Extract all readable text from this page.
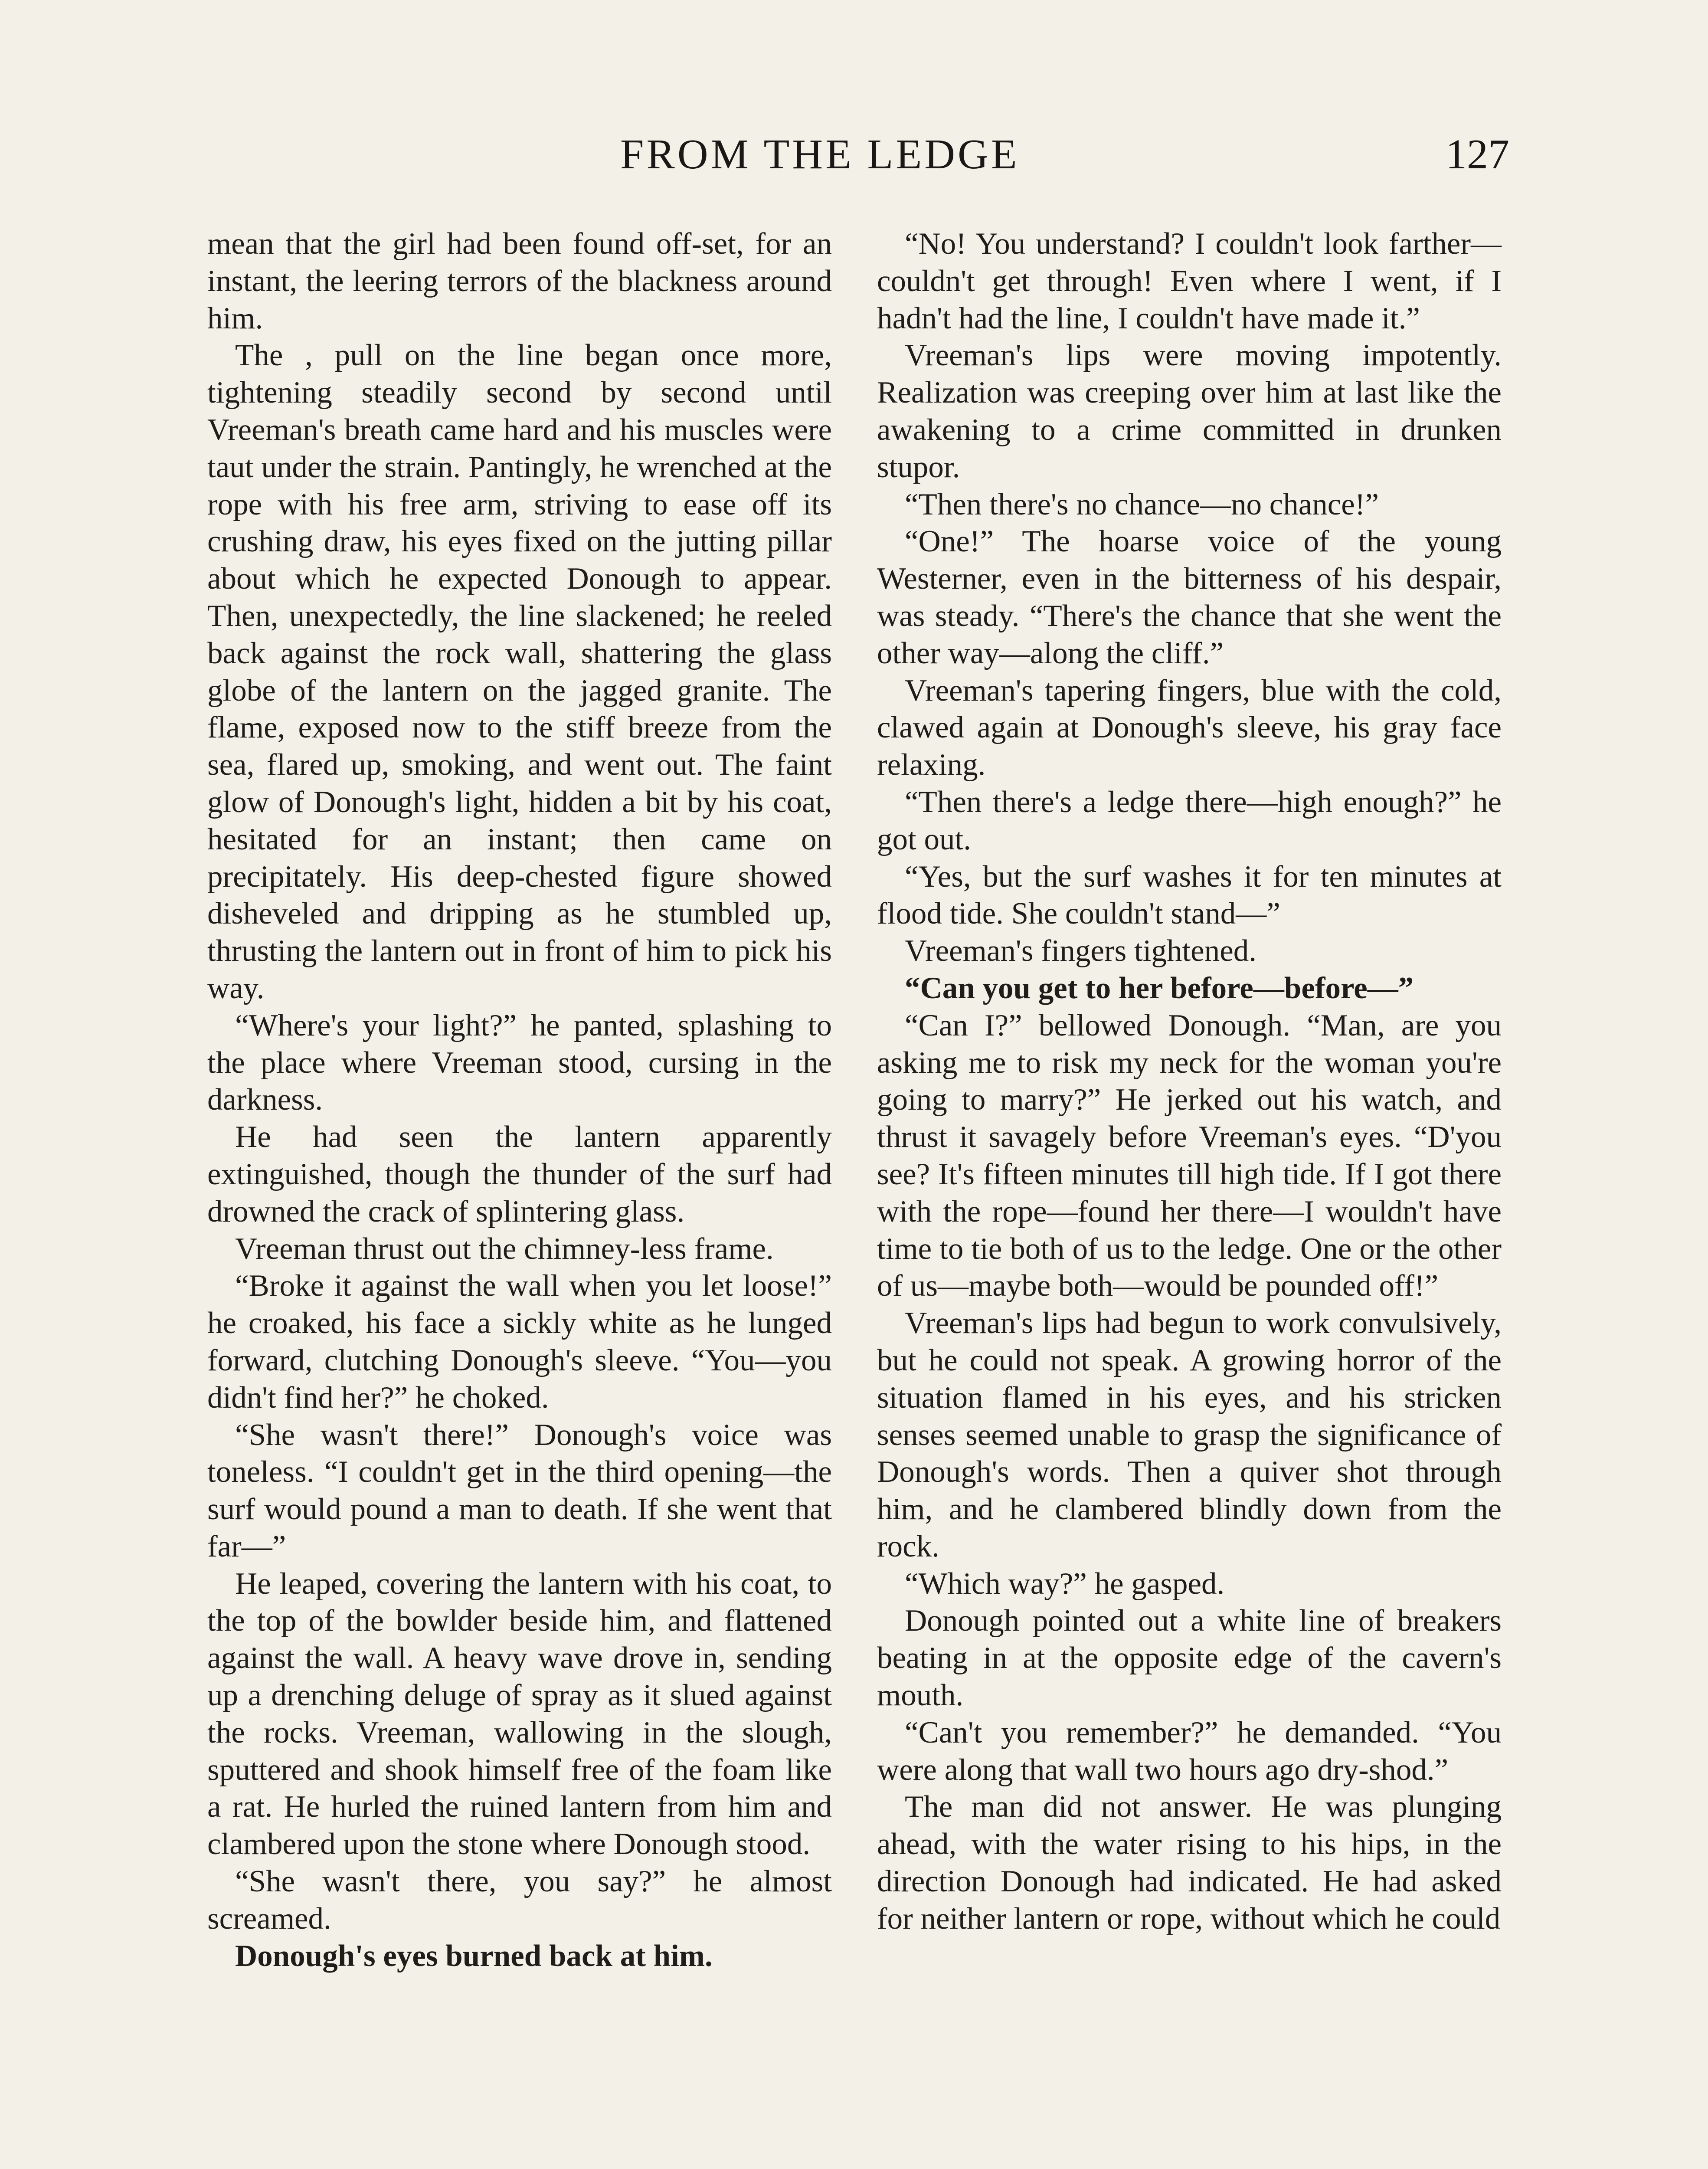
FROM THE LEDGE	127

mean that the girl had been found off-set, for an instant, the leering terrors of the blackness around him.

The , pull on the line began once more, tightening steadily second by second until Vreeman's breath came hard and his muscles were taut under the strain. Pantingly, he wrenched at the rope with his free arm, striving to ease off its crushing draw, his eyes fixed on the jutting pillar about which he expected Donough to appear. Then, unexpectedly, the line slackened; he reeled back against the rock wall, shattering the glass globe of the lantern on the jagged granite. The flame, exposed now to the stiff breeze from the sea, flared up, smoking, and went out. The faint glow of Donough's light, hidden a bit by his coat, hesitated for an instant; then came on precipitately. His deep-chested figure showed disheveled and dripping as he stumbled up, thrusting the lantern out in front of him to pick his way.

“Where's your light?” he panted, splashing to the place where Vreeman stood, cursing in the darkness.

He had seen the lantern apparently extinguished, though the thunder of the surf had drowned the crack of splintering glass.

Vreeman thrust out the chimney-less frame.

“Broke it against the wall when you let loose!” he croaked, his face a sickly white as he lunged forward, clutching Donough's sleeve. “You—you didn't find her?” he choked.

“She wasn't there!” Donough's voice was toneless. “I couldn't get in the third opening—the surf would pound a man to death. If she went that far—”

He leaped, covering the lantern with his coat, to the top of the bowlder beside him, and flattened against the wall. A heavy wave drove in, sending up a drenching deluge of spray as it slued against the rocks. Vreeman, wallowing in the slough, sputtered and shook himself free of the foam like a rat. He hurled the ruined lantern from him and clambered upon the stone where Donough stood.

“She wasn't there, you say?” he almost screamed.

Donough's eyes burned back at him.

“No! You understand? I couldn't look farther—couldn't get through! Even where I went, if I hadn't had the line, I couldn't have made it.”

Vreeman's lips were moving impotently. Realization was creeping over him at last like the awakening to a crime committed in drunken stupor.

“Then there's no chance—no chance!”

“One!” The hoarse voice of the young Westerner, even in the bitterness of his despair, was steady. “There's the chance that she went the other way—along the cliff.”

Vreeman's tapering fingers, blue with the cold, clawed again at Donough's sleeve, his gray face relaxing.

“Then there's a ledge there—high enough?” he got out.

“Yes, but the surf washes it for ten minutes at flood tide. She couldn't stand—”

Vreeman's fingers tightened.

“Can you get to her before—before—”

“Can I?” bellowed Donough. “Man, are you asking me to risk my neck for the woman you're going to marry?” He jerked out his watch, and thrust it savagely before Vreeman's eyes. “D'you see? It's fifteen minutes till high tide. If I got there with the rope—found her there—I wouldn't have time to tie both of us to the ledge. One or the other of us—maybe both—would be pounded off!”

Vreeman's lips had begun to work convulsively, but he could not speak. A growing horror of the situation flamed in his eyes, and his stricken senses seemed unable to grasp the significance of Donough's words. Then a quiver shot through him, and he clambered blindly down from the rock.

“Which way?” he gasped.

Donough pointed out a white line of breakers beating in at the opposite edge of the cavern's mouth.

“Can't you remember?” he demanded. “You were along that wall two hours ago dry-shod.”

The man did not answer. He was plunging ahead, with the water rising to his hips, in the direction Donough had indicated. He had asked for neither lantern or rope, without which he could
